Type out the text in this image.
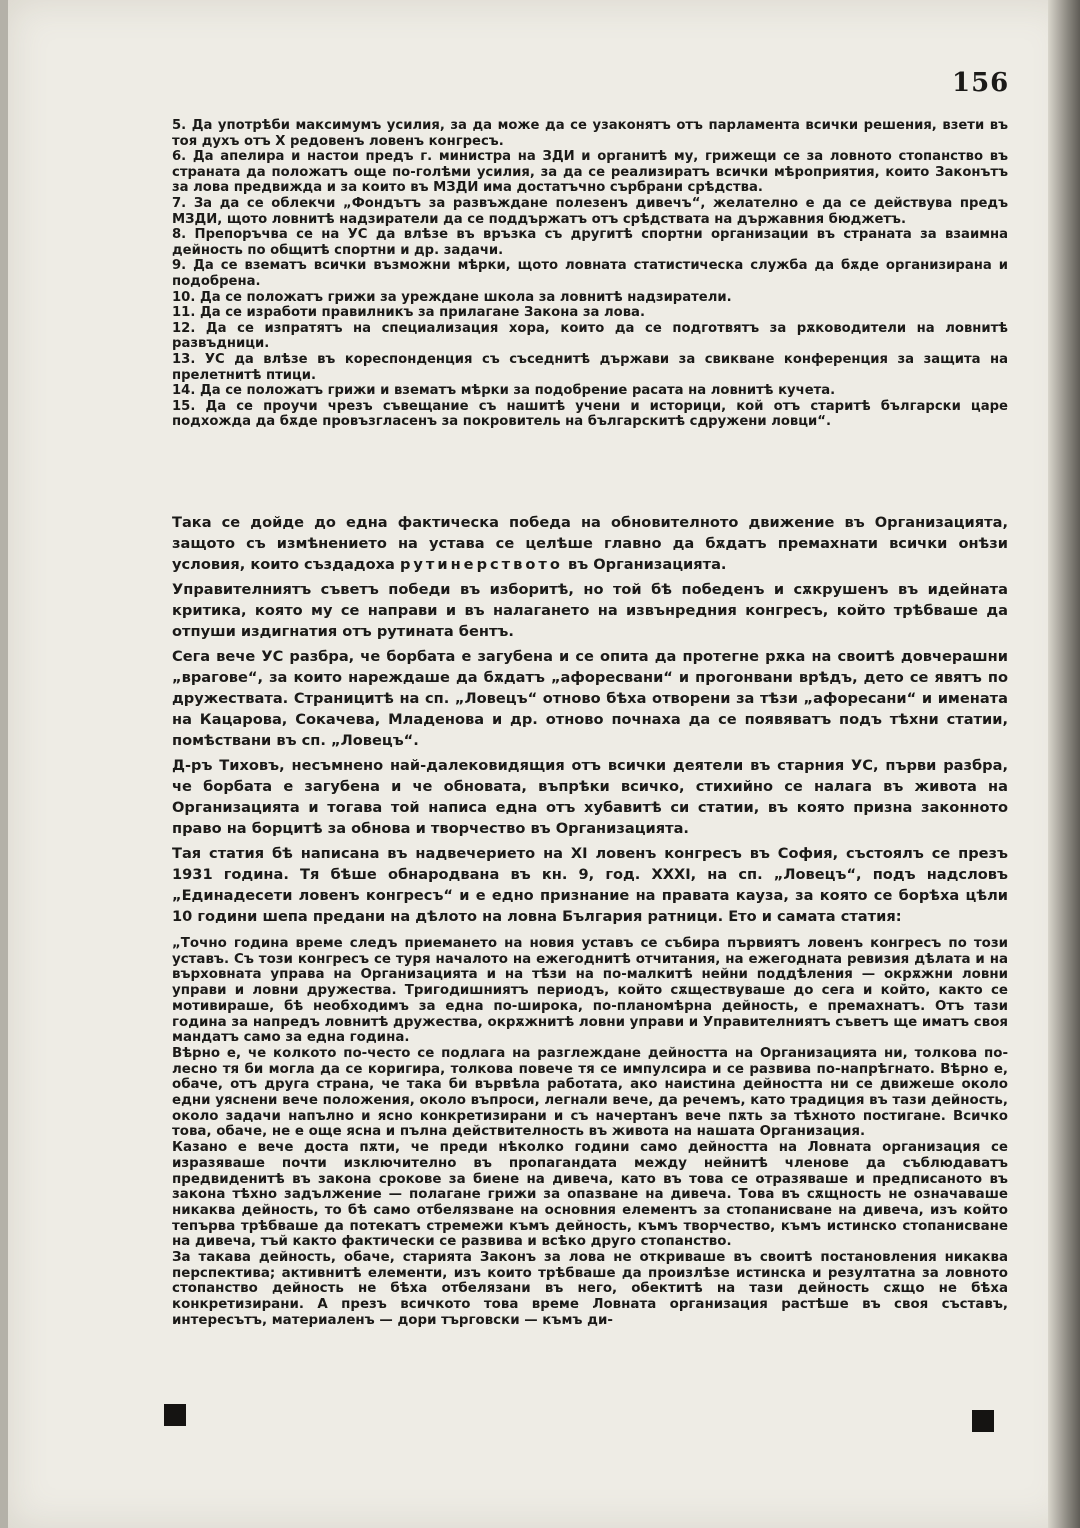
156

5. Да употрѣби максимумъ усилия, за да може да се узаконятъ отъ парламента всички решения, взети въ тоя духъ отъ X редовенъ ловенъ конгресъ.

6. Да апелира и настои предъ г. министра на ЗДИ и органитѣ му, грижещи се за ловното стопанство въ страната да положатъ още по-голѣми усилия, за да се реализиратъ всички мѣроприятия, които Законътъ за лова предвижда и за които въ МЗДИ има достатъчно сърбрани срѣдства.

7. За да се облекчи „Фондътъ за развъждане полезенъ дивечъ“, желателно е да се действува предъ МЗДИ, щото ловнитѣ надзиратели да се поддържатъ отъ срѣдствата на държавния бюджетъ.

8. Препоръчва се на УС да влѣзе въ връзка съ другитѣ спортни организации въ страната за взаимна дейность по общитѣ спортни и др. задачи.

9. Да се взематъ всички възможни мѣрки, щото ловната статистическа служба да бѫде организирана и подобрена.

10. Да се положатъ грижи за уреждане школа за ловнитѣ надзиратели.

11. Да се изработи правилникъ за прилагане Закона за лова.

12. Да се изпратятъ на специализация хора, които да се подготвятъ за рѫководители на ловнитѣ развъдници.

13. УС да влѣзе въ кореспонденция съ съседнитѣ държави за свикване конференция за защита на прелетнитѣ птици.

14. Да се положатъ грижи и взематъ мѣрки за подобрение расата на ловнитѣ кучета.

15. Да се проучи чрезъ съвещание съ нашитѣ учени и историци, кой отъ старитѣ български царе подхожда да бѫде провъзгласенъ за покровитель на българскитѣ сдружени ловци“.

Така се дойде до една фактическа победа на обновителното движение въ Организацията, защото съ измѣнението на устава се целѣше главно да бѫдатъ премахнати всички онѣзи условия, които създадоха рутинерството въ Организацията.

Управителниятъ съветъ победи въ изборитѣ, но той бѣ победенъ и сѫкрушенъ въ идейната критика, която му се направи и въ налагането на извънредния конгресъ, който трѣбваше да отпуши издигнатия отъ рутината бентъ.

Сега вече УС разбра, че борбата е загубена и се опита да протегне рѫка на своитѣ довчерашни „врагове“, за които нареждаше да бѫдатъ „афоресвани“ и прогонвани врѣдъ, дето се явятъ по дружествата. Страницитѣ на сп. „Ловецъ“ отново бѣха отворени за тѣзи „афоресани“ и имената на Кацарова, Сокачева, Младенова и др. отново почнаха да се появяватъ подъ тѣхни статии, помѣствани въ сп. „Ловецъ“.

Д-ръ Тиховъ, несъмнено най-далековидящия отъ всички деятели въ старния УС, първи разбра, че борбата е загубена и че обновата, въпрѣки всичко, стихийно се налага въ живота на Организацията и тогава той написа една отъ хубавитѣ си статии, въ която призна законното право на борцитѣ за обнова и творчество въ Организацията.

Тая статия бѣ написана въ надвечерието на XI ловенъ конгресъ въ София, състоялъ се презъ 1931 година. Тя бѣше обнародвана въ кн. 9, год. XXXI, на сп. „Ловецъ“, подъ надсловъ „Единадесети ловенъ конгресъ“ и е едно признание на правата кауза, за която се борѣха цѣли 10 години шепа предани на дѣлото на ловна България ратници. Ето и самата статия:

„Точно година време следъ приемането на новия уставъ се събира първиятъ ловенъ конгресъ по този уставъ. Съ този конгресъ се туря началото на ежегоднитѣ отчитания, на ежегодната ревизия дѣлата и на върховната управа на Организацията и на тѣзи на по-малкитѣ нейни поддѣления — окрѫжни ловни управи и ловни дружества. Тригодишниятъ периодъ, който сѫществуваше до сега и който, както се мотивираше, бѣ необходимъ за една по-широка, по-планомѣрна дейность, е премахнатъ. Отъ тази година за напредъ ловнитѣ дружества, окрѫжнитѣ ловни управи и Управителниятъ съветъ ще иматъ своя мандатъ само за една година.

Вѣрно е, че колкото по-често се подлага на разглеждане дейността на Организацията ни, толкова по-лесно тя би могла да се коригира, толкова повече тя се импулсира и се развива по-напрѣгнато. Вѣрно е, обаче, отъ друга страна, че така би вървѣла работата, ако наистина дейността ни се движеше около едни уяснени вече положения, около въпроси, легнали вече, да речемъ, като традиция въ тази дейность, около задачи напълно и ясно конкретизирани и съ начертанъ вече пѫть за тѣхното постигане. Всичко това, обаче, не е още ясна и пълна действителность въ живота на нашата Организация.

Казано е вече доста пѫти, че преди нѣколко години само дейността на Ловната организация се изразяваше почти изключително въ пропагандата между нейнитѣ членове да съблюдаватъ предвиденитѣ въ закона срокове за биене на дивеча, като въ това се отразяваше и предписаното въ закона тѣхно задължение — полагане грижи за опазване на дивеча. Това въ сѫщность не означаваше никаква дейность, то бѣ само отбелязване на основния елементъ за стопанисване на дивеча, изъ който тепърва трѣбваше да потекатъ стремежи къмъ дейность, къмъ творчество, къмъ истинско стопанисване на дивеча, тъй както фактически се развива и всѣко друго стопанство.

За такава дейность, обаче, старията Законъ за лова не откриваше въ своитѣ постановления никаква перспектива; активнитѣ елементи, изъ които трѣбваше да произлѣзе истинска и резултатна за ловното стопанство дейность не бѣха отбелязани въ него, обектитѣ на тази дейность сѫщо не бѣха конкретизирани. А презъ всичкото това време Ловната организация растѣше въ своя съставъ, интересътъ, материаленъ — дори търговски — къмъ ди-
